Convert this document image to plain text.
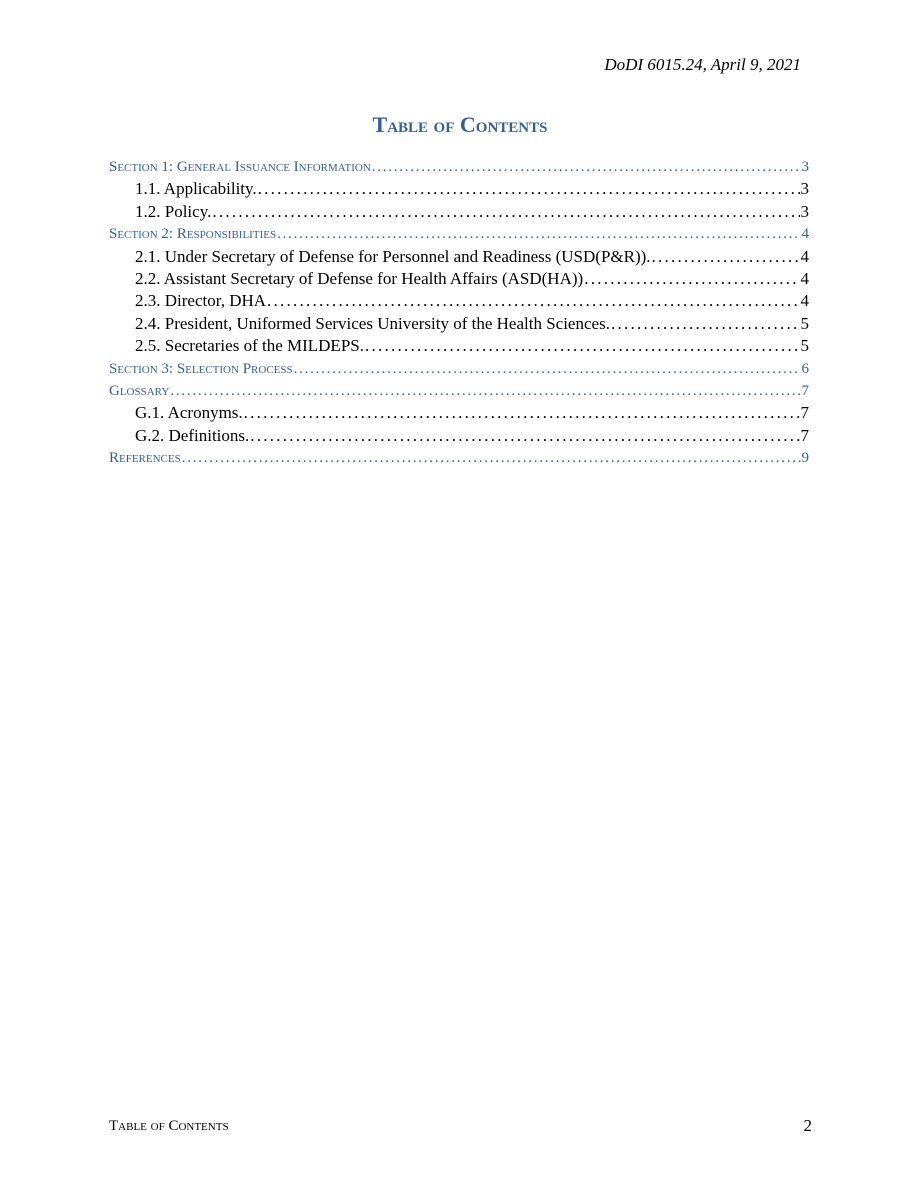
DoDI 6015.24, April 9, 2021
Table of Contents
Section 1: General Issuance Information . . .	3
1.1. Applicability. . . .	3
1.2. Policy. . . .	3
Section 2: Responsibilities . . .	4
2.1. Under Secretary of Defense for Personnel and Readiness (USD(P&R)). . . .	4
2.2. Assistant Secretary of Defense for Health Affairs (ASD(HA)) . . .	4
2.3. Director, DHA . . .	4
2.4. President, Uniformed Services University of the Health Sciences. . . .	5
2.5. Secretaries of the MILDEPS. . . .	5
Section 3: Selection Process . . .	6
Glossary . . .	7
G.1. Acronyms. . . .	7
G.2. Definitions. . . .	7
References . . .	9
Table of Contents	2
